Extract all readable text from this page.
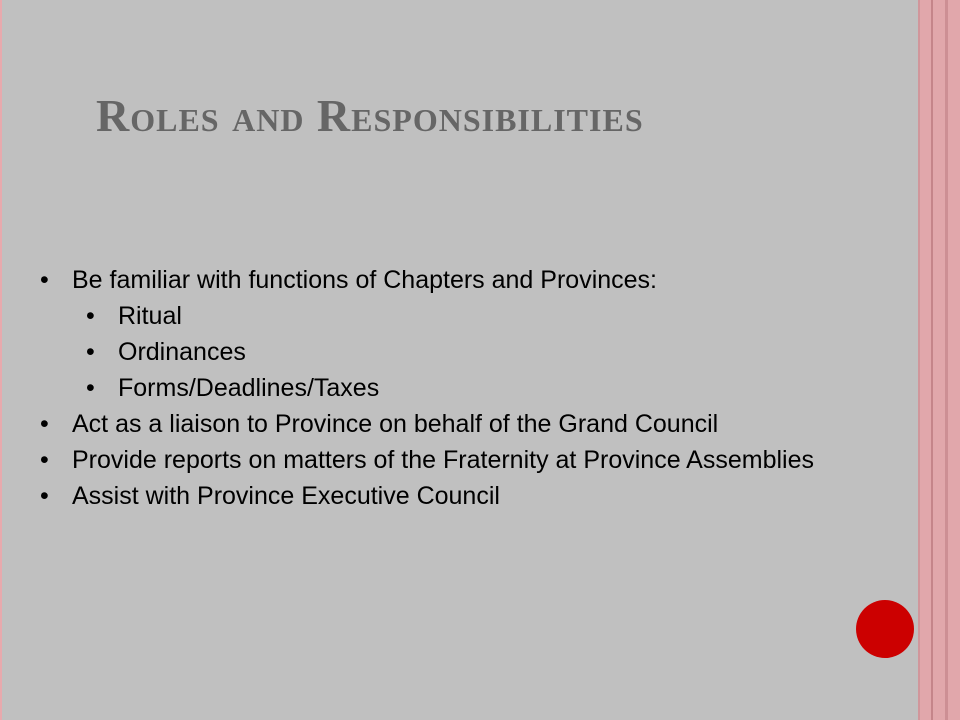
Roles and Responsibilities
• Be familiar with functions of Chapters and Provinces:
• Ritual
• Ordinances
• Forms/Deadlines/Taxes
• Act as a liaison to Province on behalf of the Grand Council
• Provide reports on matters of the Fraternity at Province Assemblies
• Assist with Province Executive Council
